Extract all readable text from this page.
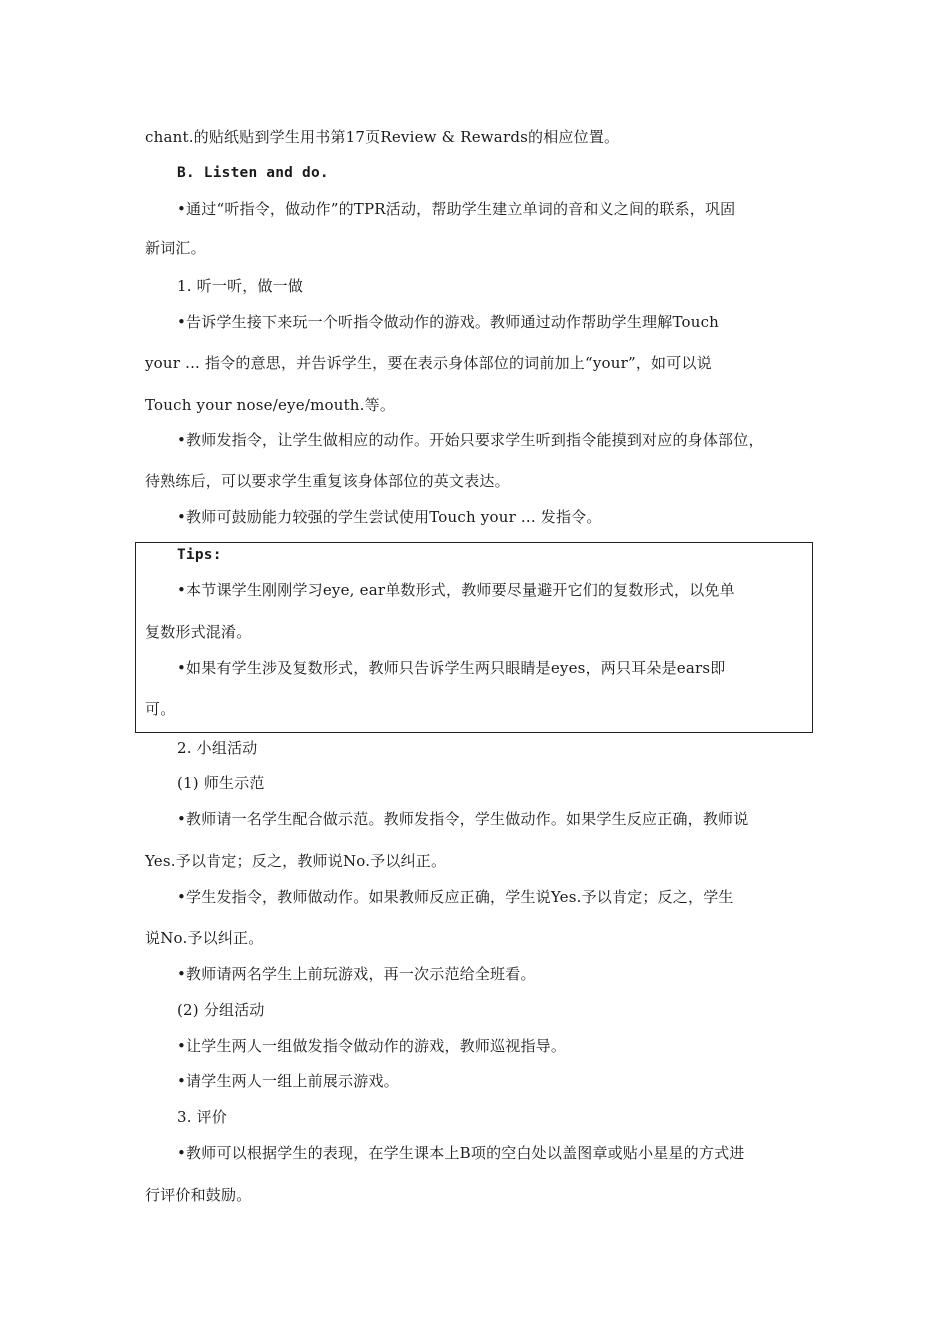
chant.的贴纸贴到学生用书第17页Review & Rewards的相应位置。
B. Listen and do.
•通过“听指令，做动作”的TPR活动，帮助学生建立单词的音和义之间的联系，巩固
新词汇。
1. 听一听，做一做
•告诉学生接下来玩一个听指令做动作的游戏。教师通过动作帮助学生理解Touch
your ... 指令的意思，并告诉学生，要在表示身体部位的词前加上“your”，如可以说
Touch your nose/eye/mouth.等。
•教师发指令，让学生做相应的动作。开始只要求学生听到指令能摸到对应的身体部位，
待熟练后，可以要求学生重复该身体部位的英文表达。
•教师可鼓励能力较强的学生尝试使用Touch your ... 发指令。
Tips:
•本节课学生刚刚学习eye, ear单数形式，教师要尽量避开它们的复数形式，以免单
复数形式混淆。
•如果有学生涉及复数形式，教师只告诉学生两只眼睛是eyes，两只耳朵是ears即
可。
2. 小组活动
(1) 师生示范
•教师请一名学生配合做示范。教师发指令，学生做动作。如果学生反应正确，教师说
Yes.予以肯定；反之，教师说No.予以纠正。
•学生发指令，教师做动作。如果教师反应正确，学生说Yes.予以肯定；反之，学生
说No.予以纠正。
•教师请两名学生上前玩游戏，再一次示范给全班看。
(2) 分组活动
•让学生两人一组做发指令做动作的游戏，教师巡视指导。
•请学生两人一组上前展示游戏。
3. 评价
•教师可以根据学生的表现，在学生课本上B项的空白处以盖图章或贴小星星的方式进
行评价和鼓励。
